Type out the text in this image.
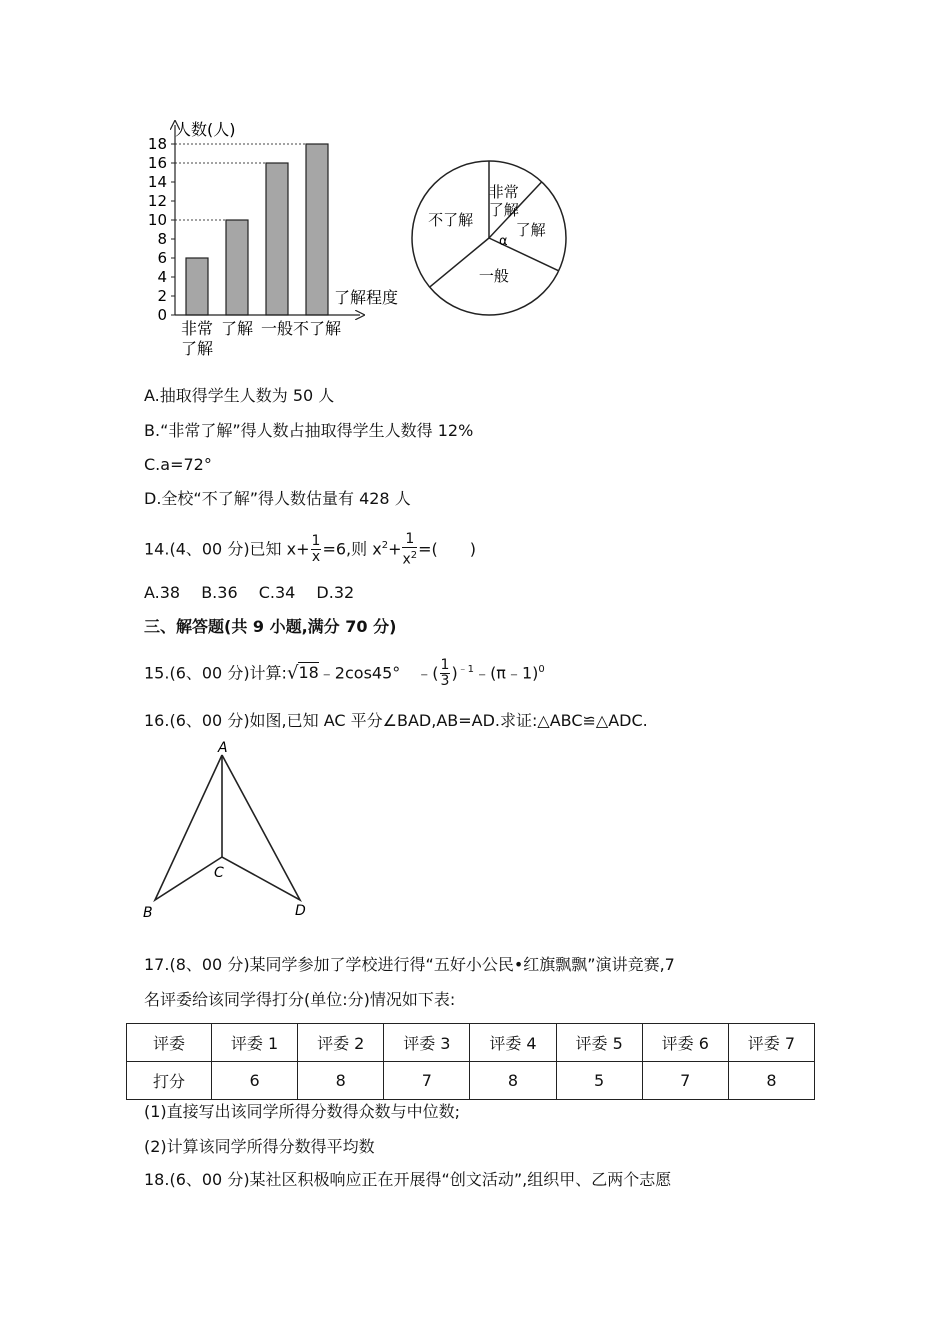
0
2
4
6
8
10
12
14
16
18
人数(人)
了解程度
非常
了解
了解 一般 不了解
α
非常
了解
了解
一般
不了解
A.抽取得学生人数为 50 人
B.“非常了解”得人数占抽取得学生人数得 12%
C.a=72°
D.全校“不了解”得人数估量有 428 人
14.(4、00 分)已知 $x+ \frac{1}{x} =6$,则 $x^2+ \frac{1}{x^2}$ =(　　)
A.38　 B.36　 C.34　 D.32
三、解答题(共 9 小题,满分 70 分)
15.(6、00 分)计算:√18﹣2cos45°　﹣( $\frac{1}{3}$ )$^{﹣1}$﹣(π﹣1)$^0$
16.(6、00 分)如图,已知 AC 平分∠BAD,AB=AD.求证:△ABC≌△ADC.
A
B
C
D
17.(8、00 分)某同学参加了学校进行得“五好小公民•红旗飘飘”演讲竞赛,7
名评委给该同学得打分(单位:分)情况如下表:
评委	评委 1	评委 2	评委 3	评委 4	评委 5	评委 6	评委 7
打分	6	8	7	8	5	7	8
(1)直接写出该同学所得分数得众数与中位数;
(2)计算该同学所得分数得平均数
18.(6、00 分)某社区积极响应正在开展得“创文活动”,组织甲、乙两个志愿
